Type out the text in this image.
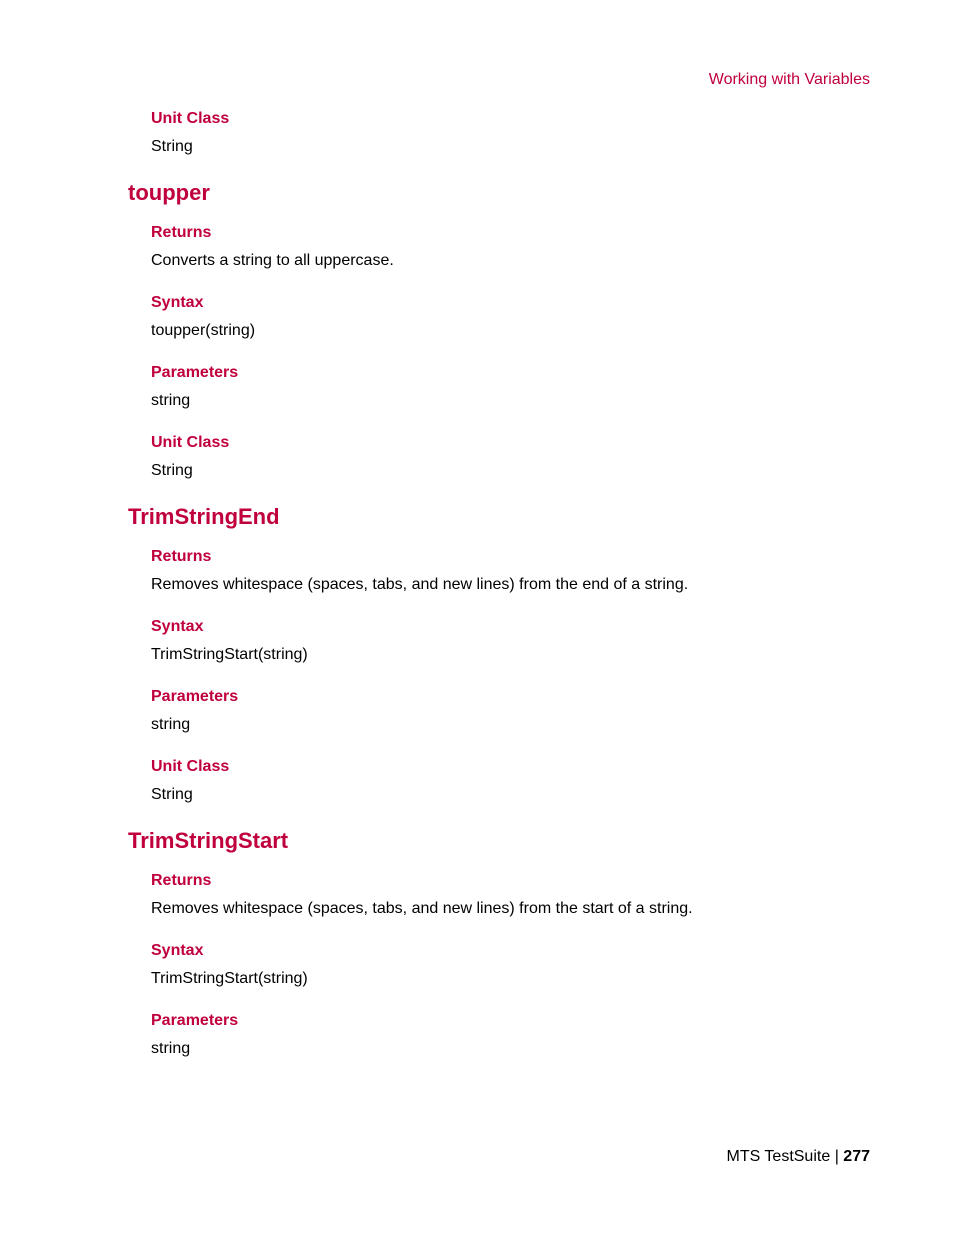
Working with Variables
Unit Class
String
toupper
Returns
Converts a string to all uppercase.
Syntax
toupper(string)
Parameters
string
Unit Class
String
TrimStringEnd
Returns
Removes whitespace (spaces, tabs, and new lines) from the end of a string.
Syntax
TrimStringStart(string)
Parameters
string
Unit Class
String
TrimStringStart
Returns
Removes whitespace (spaces, tabs, and new lines) from the start of a string.
Syntax
TrimStringStart(string)
Parameters
string
MTS TestSuite | 277
